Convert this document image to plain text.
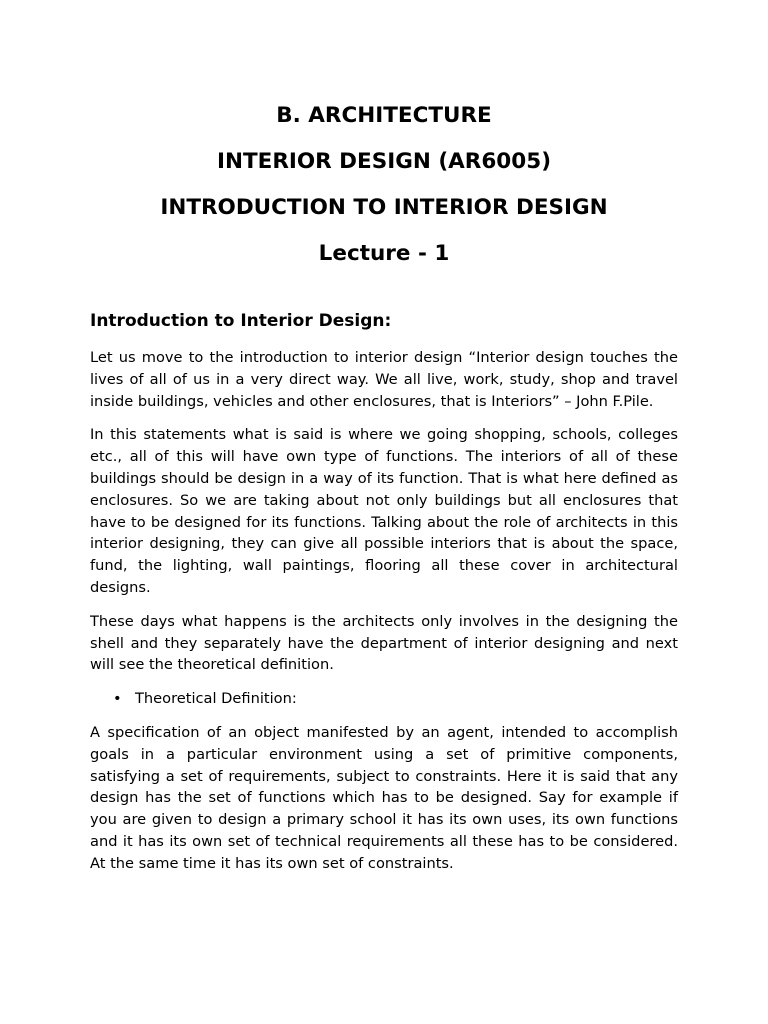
B. ARCHITECTURE
INTERIOR DESIGN (AR6005)
INTRODUCTION TO INTERIOR DESIGN
Lecture - 1
Introduction to Interior Design:

Let us move to the introduction to interior design “Interior design touches the lives of all of us in a very direct way. We all live, work, study, shop and travel inside buildings, vehicles and other enclosures, that is Interiors” – John F.Pile.

In this statements what is said is where we going shopping, schools, colleges etc., all of this will have own type of functions. The interiors of all of these buildings should be design in a way of its function. That is what here defined as enclosures. So we are taking about not only buildings but all enclosures that have to be designed for its functions. Talking about the role of architects in this interior designing, they can give all possible interiors that is about the space, fund, the lighting, wall paintings, flooring all these cover in architectural designs.

These days what happens is the architects only involves in the designing the shell and they separately have the department of interior designing and next will see the theoretical definition.

• Theoretical Definition:

A specification of an object manifested by an agent, intended to accomplish goals in a particular environment using a set of primitive components, satisfying a set of requirements, subject to constraints. Here it is said that any design has the set of functions which has to be designed. Say for example if you are given to design a primary school it has its own uses, its own functions and it has its own set of technical requirements all these has to be considered. At the same time it has its own set of constraints.
